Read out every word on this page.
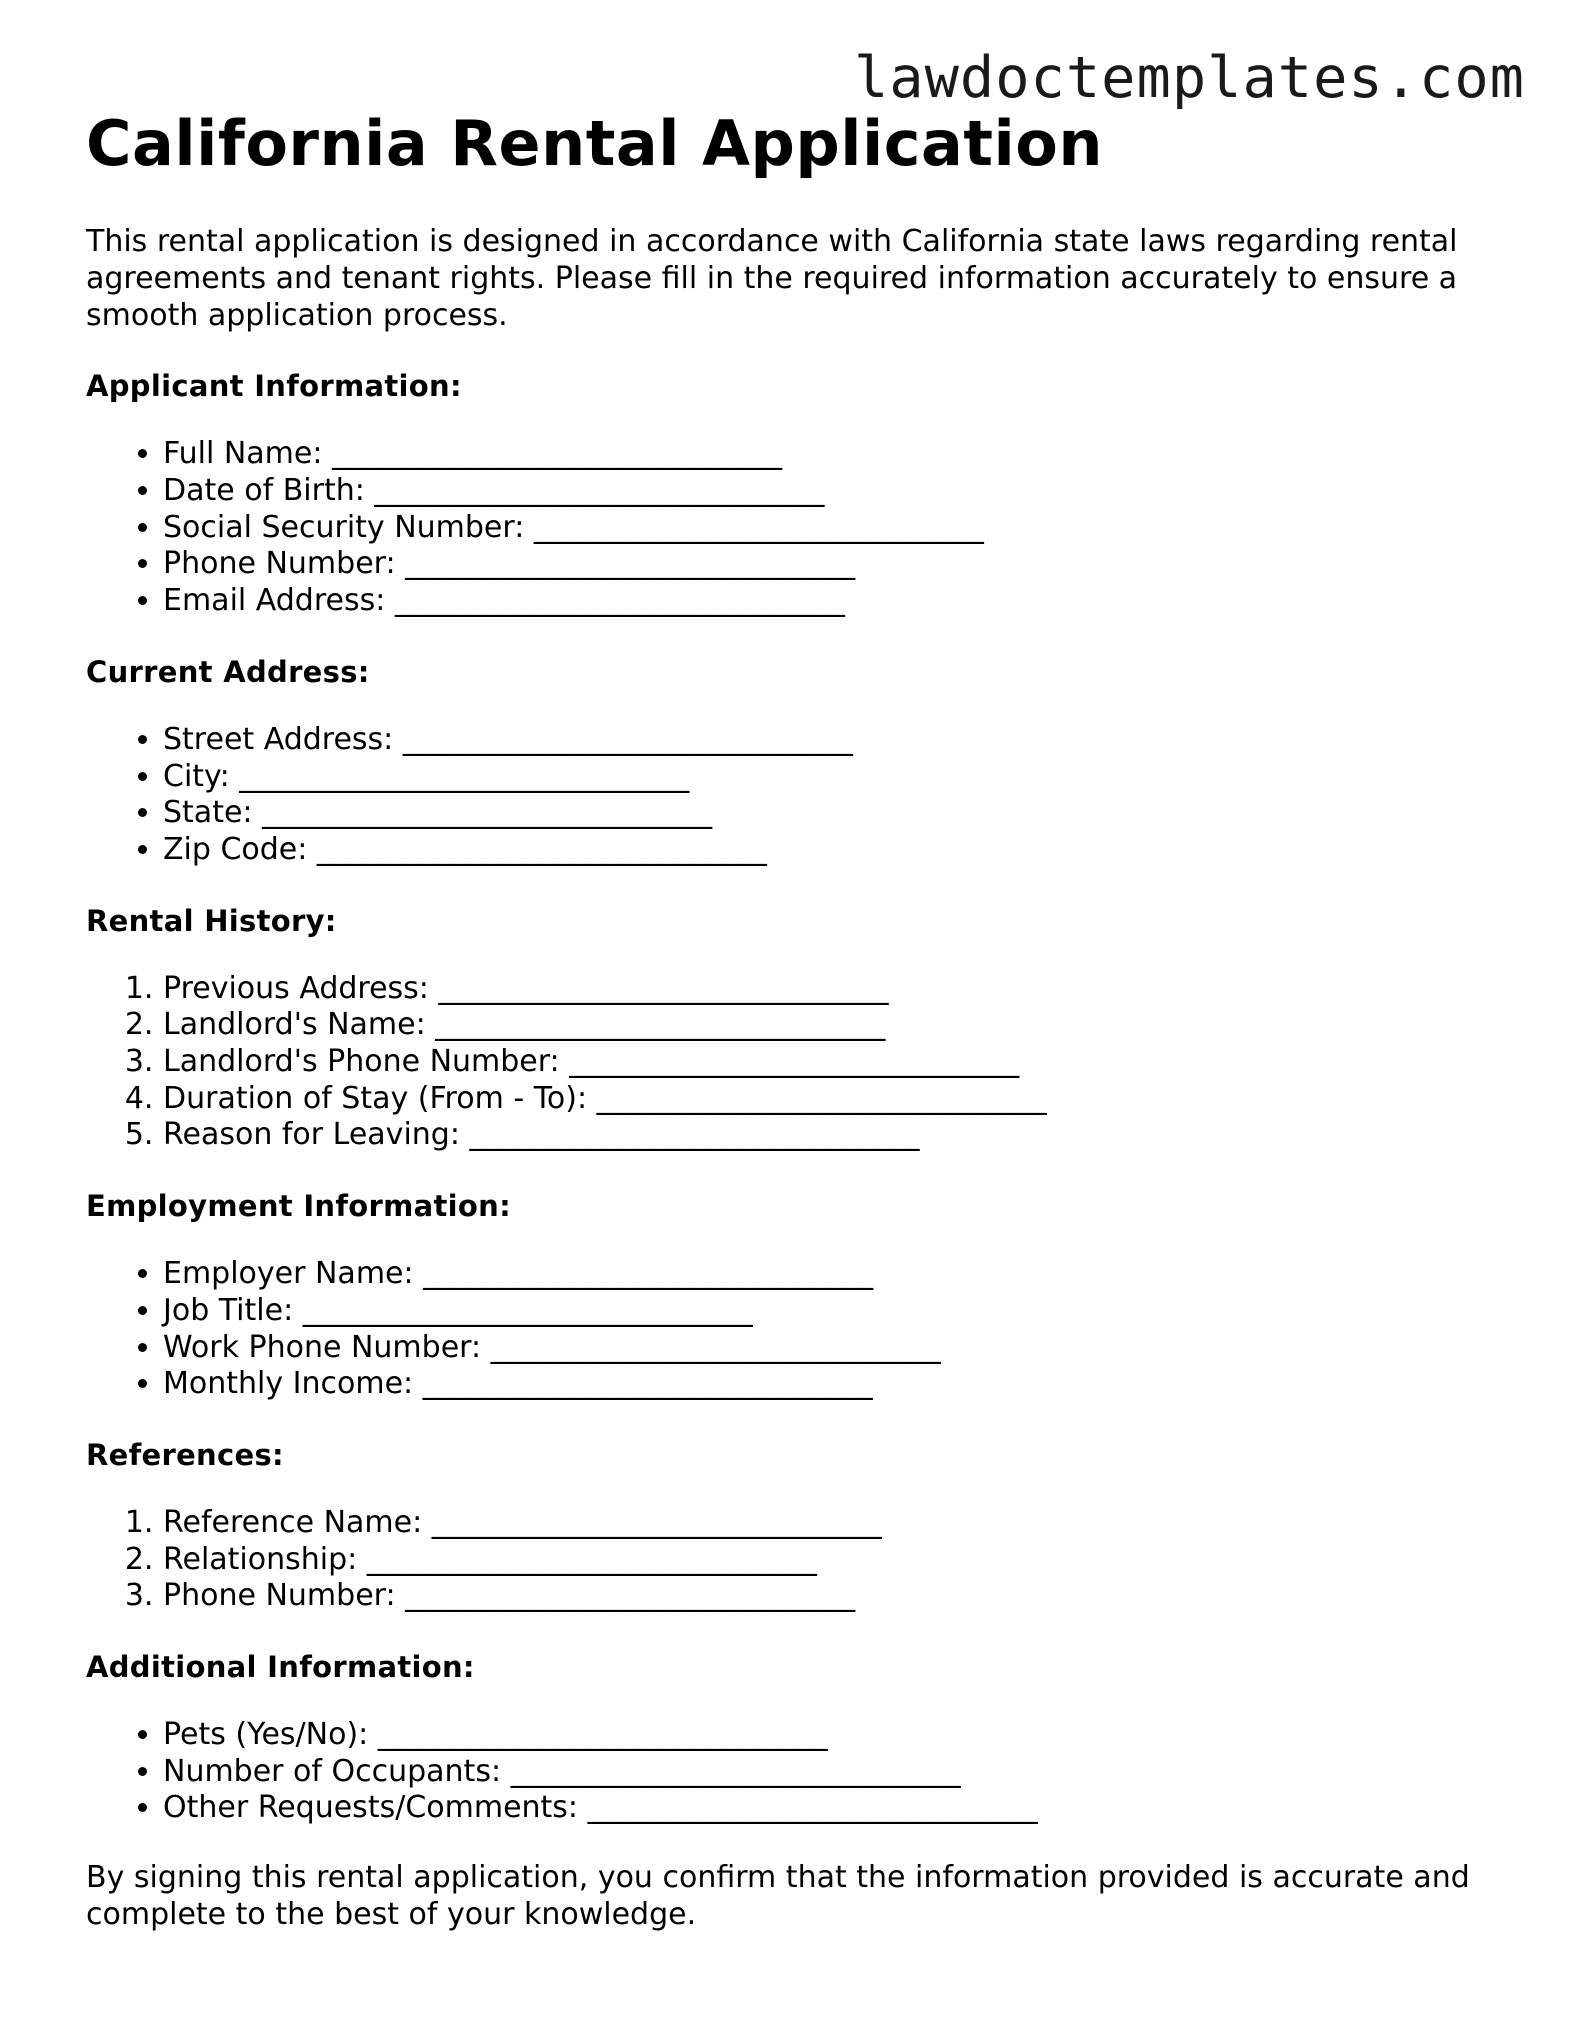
lawdoctemplates.com
California Rental Application

This rental application is designed in accordance with California state laws regarding rental agreements and tenant rights. Please fill in the required information accurately to ensure a smooth application process.

Applicant Information:
• Full Name: ______________________________
• Date of Birth: ______________________________
• Social Security Number: ______________________________
• Phone Number: ______________________________
• Email Address: ______________________________
Current Address:
• Street Address: ______________________________
• City: ______________________________
• State: ______________________________
• Zip Code: ______________________________
Rental History:
1. Previous Address: ______________________________
2. Landlord's Name: ______________________________
3. Landlord's Phone Number: ______________________________
4. Duration of Stay (From - To): ______________________________
5. Reason for Leaving: ______________________________
Employment Information:
• Employer Name: ______________________________
• Job Title: ______________________________
• Work Phone Number: ______________________________
• Monthly Income: ______________________________
References:
1. Reference Name: ______________________________
2. Relationship: ______________________________
3. Phone Number: ______________________________
Additional Information:
• Pets (Yes/No): ______________________________
• Number of Occupants: ______________________________
• Other Requests/Comments: ______________________________

By signing this rental application, you confirm that the information provided is accurate and complete to the best of your knowledge.
